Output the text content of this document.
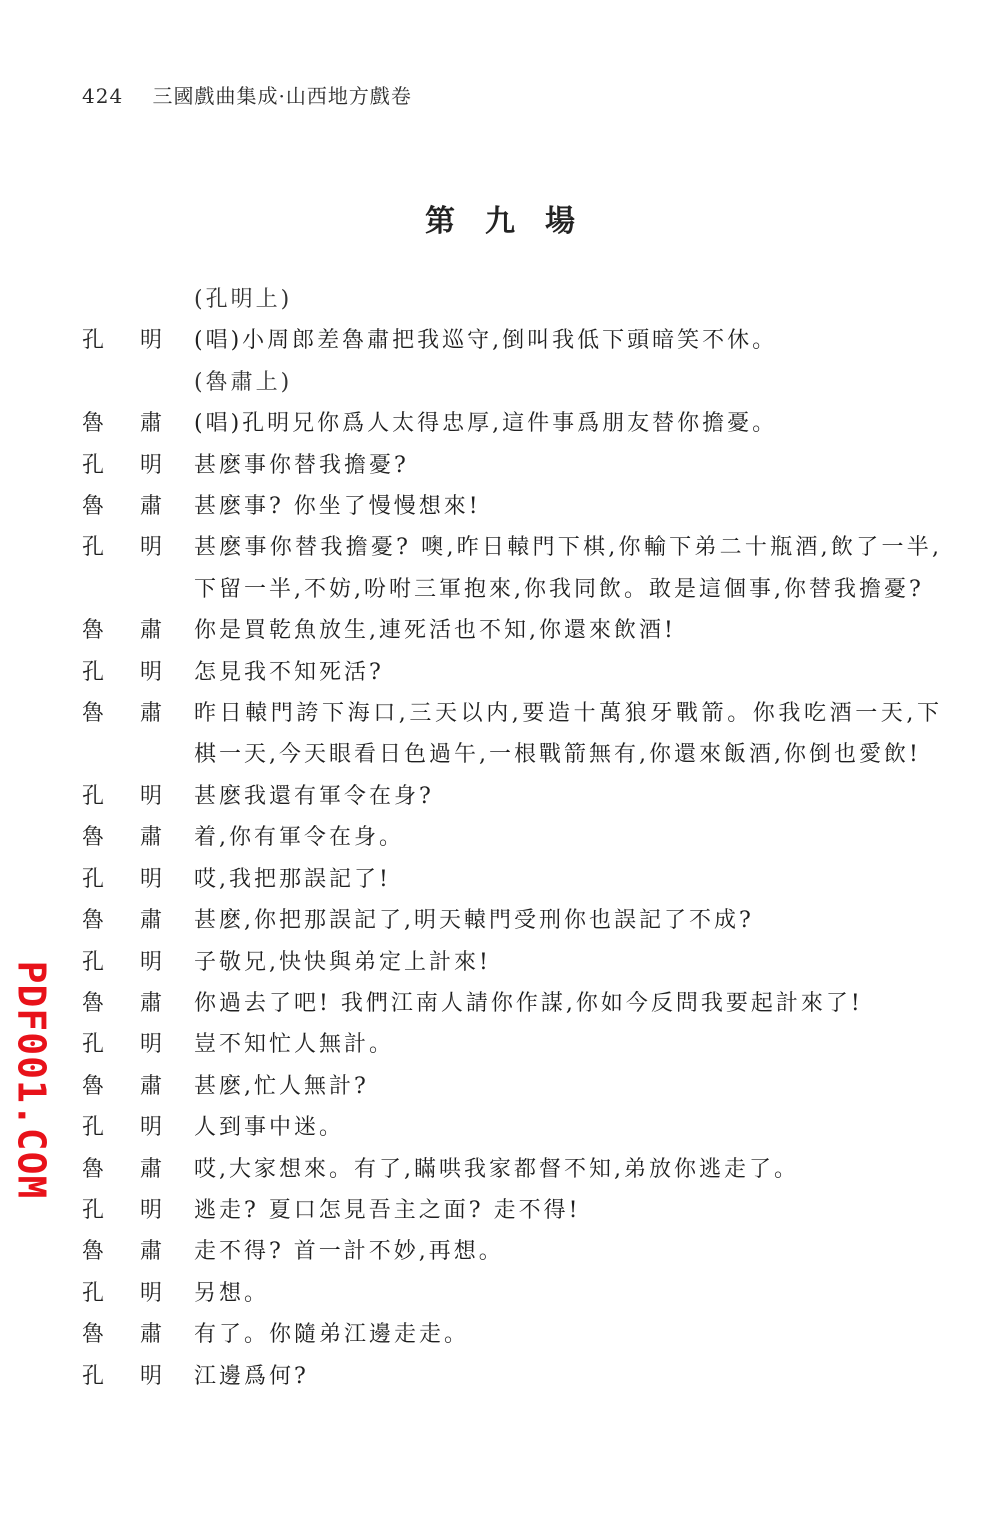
424 三國戲曲集成·山西地方戲卷
第九場
(孔明上)
孔 明 (唱)小周郎差魯肅把我巡守,倒叫我低下頭暗笑不休。
(魯肅上)
魯 肅 (唱)孔明兄你爲人太得忠厚,這件事爲朋友替你擔憂。
孔 明 甚麽事你替我擔憂?
魯 肅 甚麽事? 你坐了慢慢想來!
孔 明 甚麽事你替我擔憂? 噢,昨日轅門下棋,你輸下弟二十瓶酒,飲了一半,下留一半,不妨,吩咐三軍抱來,你我同飲。敢是這個事,你替我擔憂?
魯 肅 你是買乾魚放生,連死活也不知,你還來飲酒!
孔 明 怎見我不知死活?
魯 肅 昨日轅門誇下海口,三天以内,要造十萬狼牙戰箭。你我吃酒一天,下棋一天,今天眼看日色過午,一根戰箭無有,你還來飯酒,你倒也愛飲!
孔 明 甚麽我還有軍令在身?
魯 肅 着,你有軍令在身。
孔 明 哎,我把那誤記了!
魯 肅 甚麽,你把那誤記了,明天轅門受刑你也誤記了不成?
孔 明 子敬兄,快快與弟定上計來!
魯 肅 你過去了吧! 我們江南人請你作謀,你如今反問我要起計來了!
孔 明 豈不知忙人無計。
魯 肅 甚麽,忙人無計?
孔 明 人到事中迷。
魯 肅 哎,大家想來。有了,瞞哄我家都督不知,弟放你逃走了。
孔 明 逃走? 夏口怎見吾主之面? 走不得!
魯 肅 走不得? 首一計不妙,再想。
孔 明 另想。
魯 肅 有了。你隨弟江邊走走。
孔 明 江邊爲何?
PDF001.COM
